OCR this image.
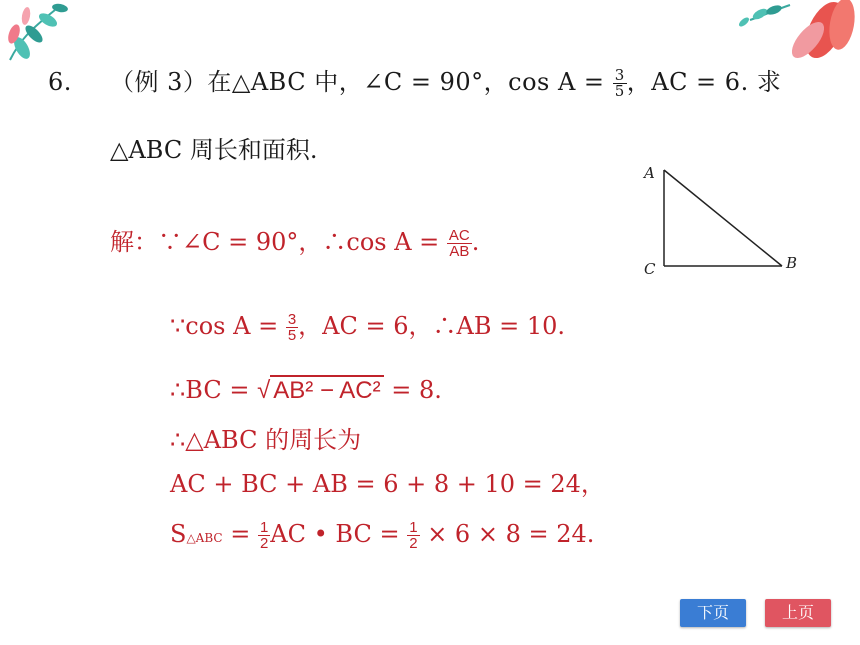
6. （例 3）在△ABC 中，∠C = 90°，$\cos A = \frac{3}{5}$ ，AC = 6. 求
△ABC 周长和面积.
A
C	B
解：∵∠C = 90°，∴cos $A = \frac{AC}{AB}$ .
∵cos $A = \frac{3}{5}$ ，AC = 6，∴AB = 10.
∴BC = √ AB² − AC² = 8.
∴△ABC 的周长为
AC + BC + AB = 6 + 8 + 10 = 24，
S△ABC = $\frac{1}{2}$ AC • BC = $\frac{1}{2} \times 6 \times 8 = 24$.
下页	上页
